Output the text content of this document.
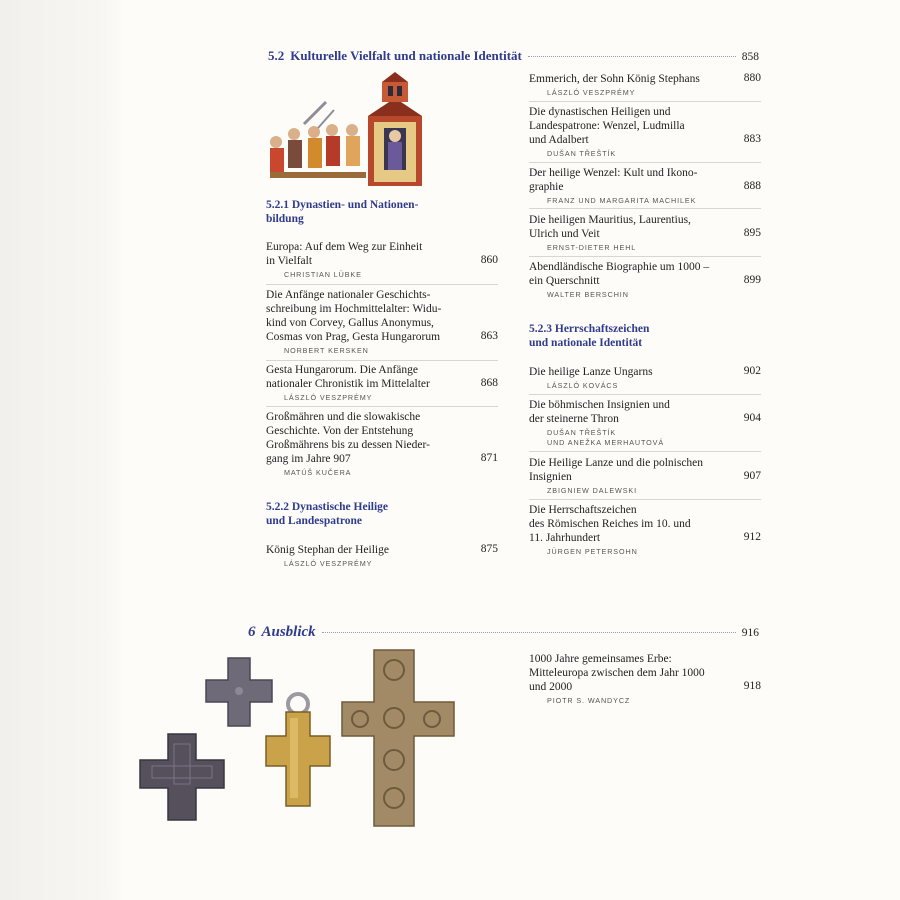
5.2 Kulturelle Vielfalt und nationale Identität	858
5.2.1 Dynastien- und Nationen-
bildung
Europa: Auf dem Weg zur Einheit
in Vielfalt	860
CHRISTIAN LÜBKE
Die Anfänge nationaler Geschichts-
schreibung im Hochmittelalter: Widu-
kind von Corvey, Gallus Anonymus,
Cosmas von Prag, Gesta Hungarorum	863
NORBERT KERSKEN
Gesta Hungarorum. Die Anfänge
nationaler Chronistik im Mittelalter	868
LÁSZLÓ VESZPRÉMY
Großmähren und die slowakische
Geschichte. Von der Entstehung
Großmährens bis zu dessen Nieder-
gang im Jahre 907	871
MATÚŠ KUČERA
5.2.2 Dynastische Heilige
und Landespatrone
König Stephan der Heilige	875
LÁSZLÓ VESZPRÉMY
Emmerich, der Sohn König Stephans	880
LÁSZLÓ VESZPRÉMY
Die dynastischen Heiligen und
Landespatrone: Wenzel, Ludmilla
und Adalbert	883
DUŠAN TŘEŠTÍK
Der heilige Wenzel: Kult und Ikono-
graphie	888
FRANZ UND MARGARITA MACHILEK
Die heiligen Mauritius, Laurentius,
Ulrich und Veit	895
ERNST-DIETER HEHL
Abendländische Biographie um 1000 –
ein Querschnitt	899
WALTER BERSCHIN
5.2.3 Herrschaftszeichen
und nationale Identität
Die heilige Lanze Ungarns	902
LÁSZLÓ KOVÁCS
Die böhmischen Insignien und
der steinerne Thron	904
DUŠAN TŘEŠTÍK
UND ANEŽKA MERHAUTOVÁ
Die Heilige Lanze und die polnischen
Insignien	907
ZBIGNIEW DALEWSKI
Die Herrschaftszeichen
des Römischen Reiches im 10. und
11. Jahrhundert	912
JÜRGEN PETERSOHN
6 Ausblick	916
1000 Jahre gemeinsames Erbe:
Mitteleuropa zwischen dem Jahr 1000
und 2000	918
PIOTR S. WANDYCZ
